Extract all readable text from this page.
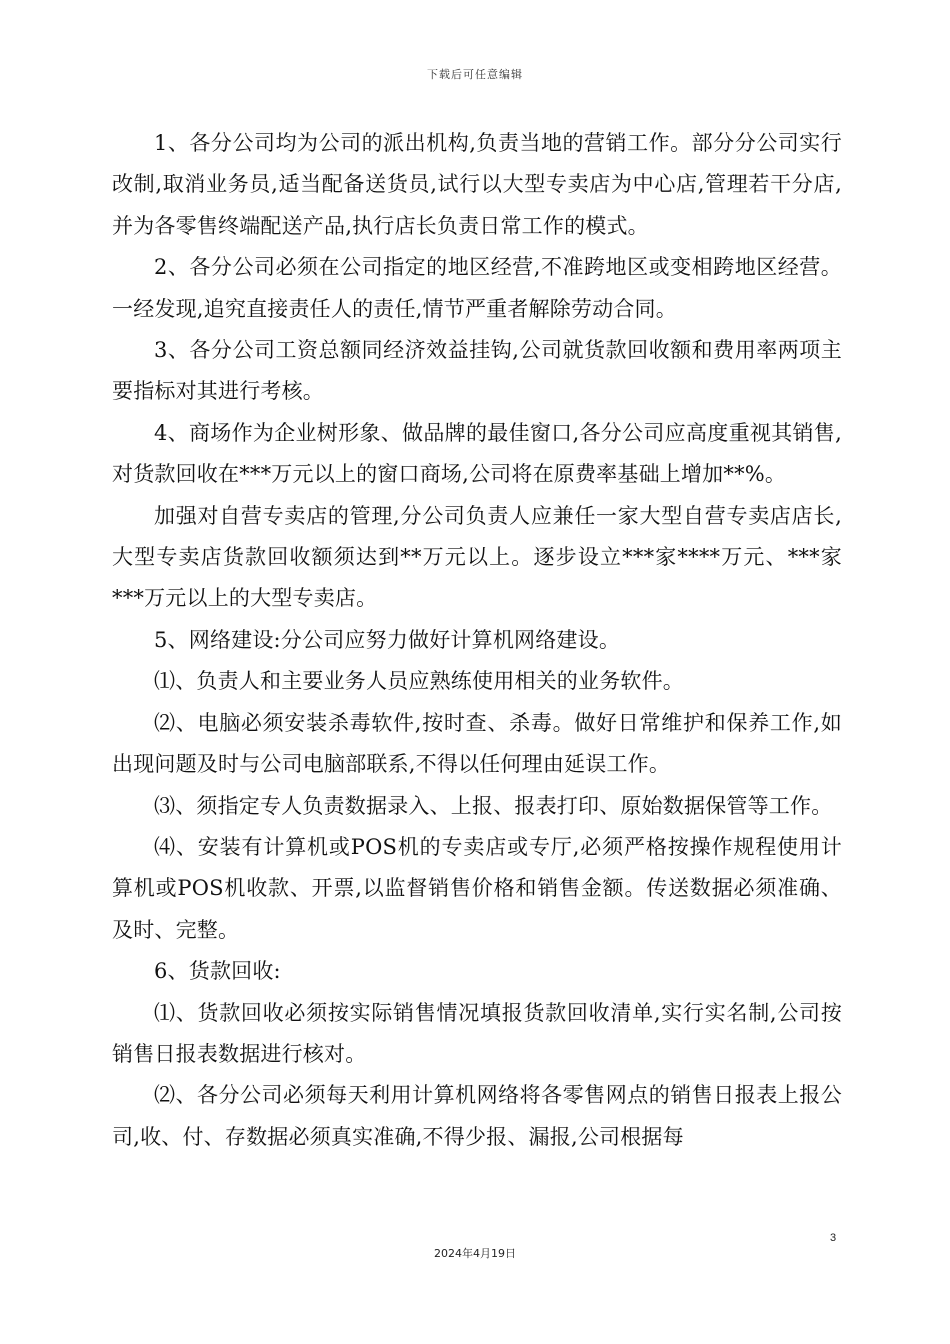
下载后可任意编辑

1、各分公司均为公司的派出机构,负责当地的营销工作。部分分公司实行改制,取消业务员,适当配备送货员,试行以大型专卖店为中心店,管理若干分店,并为各零售终端配送产品,执行店长负责日常工作的模式。

2、各分公司必须在公司指定的地区经营,不准跨地区或变相跨地区经营。一经发现,追究直接责任人的责任,情节严重者解除劳动合同。

3、各分公司工资总额同经济效益挂钩,公司就货款回收额和费用率两项主要指标对其进行考核。

4、商场作为企业树形象、做品牌的最佳窗口,各分公司应高度重视其销售,对货款回收在***万元以上的窗口商场,公司将在原费率基础上增加**%。

加强对自营专卖店的管理,分公司负责人应兼任一家大型自营专卖店店长,大型专卖店货款回收额须达到**万元以上。逐步设立***家****万元、***家***万元以上的大型专卖店。

5、网络建设:分公司应努力做好计算机网络建设。

⑴、负责人和主要业务人员应熟练使用相关的业务软件。

⑵、电脑必须安装杀毒软件,按时查、杀毒。做好日常维护和保养工作,如出现问题及时与公司电脑部联系,不得以任何理由延误工作。

⑶、须指定专人负责数据录入、上报、报表打印、原始数据保管等工作。

⑷、安装有计算机或POS机的专卖店或专厅,必须严格按操作规程使用计算机或POS机收款、开票,以监督销售价格和销售金额。传送数据必须准确、及时、完整。

6、货款回收:

⑴、货款回收必须按实际销售情况填报货款回收清单,实行实名制,公司按销售日报表数据进行核对。

⑵、各分公司必须每天利用计算机网络将各零售网点的销售日报表上报公司,收、付、存数据必须真实准确,不得少报、漏报,公司根据每

3
2024年4月19日
